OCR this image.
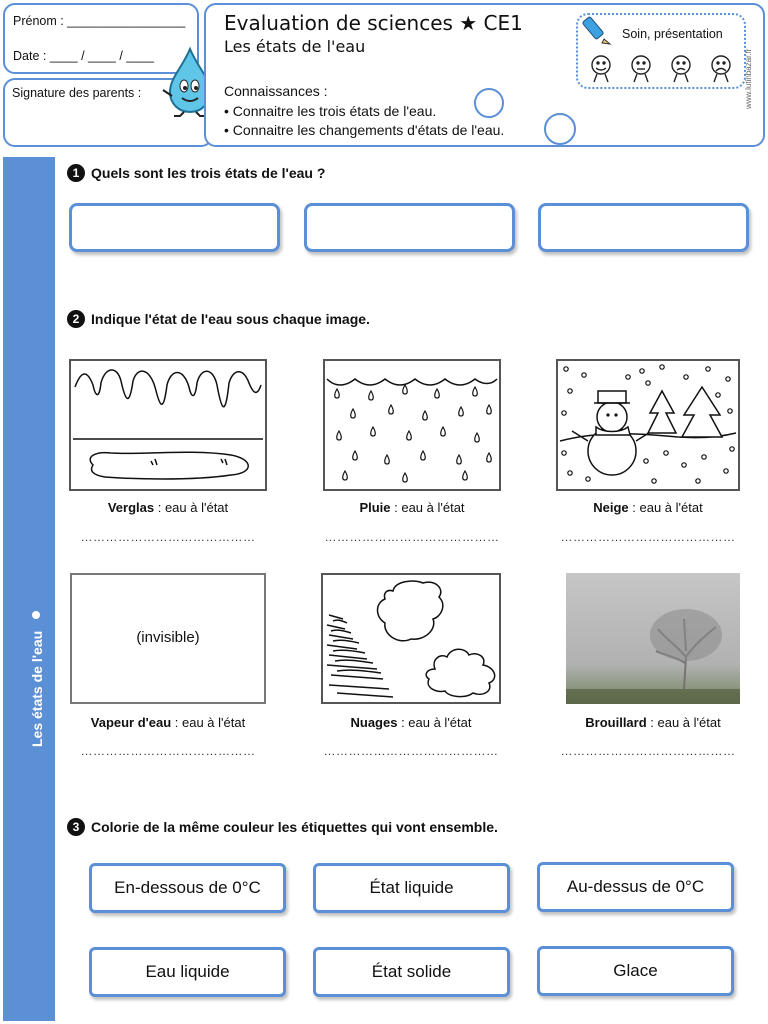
Prénom : _________________
Date : ____ / ____ / ____
Signature des parents :
Evaluation de sciences ★ CE1
Les états de l'eau
Connaissances :
• Connaitre les trois états de l'eau.
• Connaitre les changements d'états de l'eau.
Soin, présentation
www.lutinbazar.fr
Les états de l'eau
1 Quels sont les trois états de l'eau ?
2 Indique l'état de l'eau sous chaque image.
Verglas : eau à l'état
……………………………………
Pluie : eau à l'état
……………………………………
Neige : eau à l'état
……………………………………
(invisible)
Vapeur d'eau : eau à l'état
……………………………………
Nuages : eau à l'état
……………………………………
Brouillard : eau à l'état
……………………………………
3 Colorie de la même couleur les étiquettes qui vont ensemble.
En-dessous de 0°C	État liquide	Au-dessus de 0°C
Eau liquide	État solide	Glace
